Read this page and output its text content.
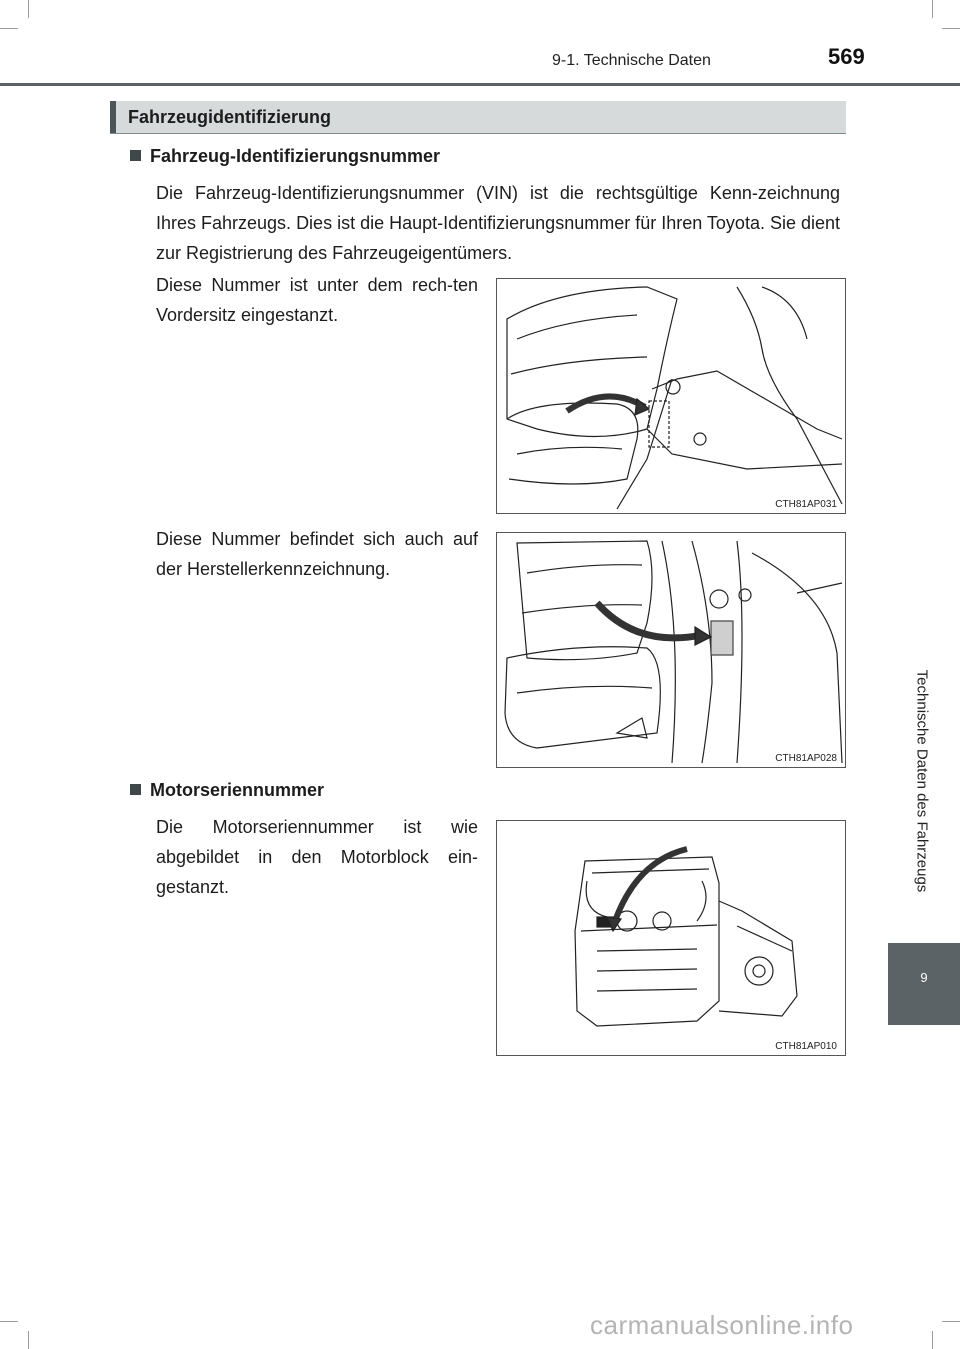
9-1. Technische Daten	569
Fahrzeugidentifizierung
Fahrzeug-Identifizierungsnummer

Die Fahrzeug-Identifizierungsnummer (VIN) ist die rechtsgültige Kenn-zeichnung Ihres Fahrzeugs. Dies ist die Haupt-Identifizierungsnummer für Ihren Toyota. Sie dient zur Registrierung des Fahrzeugeigentümers.

Diese Nummer ist unter dem rech-ten Vordersitz eingestanzt.

CTH81AP031

Diese Nummer befindet sich auch auf der Herstellerkennzeichnung.

CTH81AP028
Motorseriennummer

Die Motorseriennummer ist wie abgebildet in den Motorblock ein-gestanzt.

CTH81AP010
Technische Daten des Fahrzeugs
9
carmanualsonline.info
